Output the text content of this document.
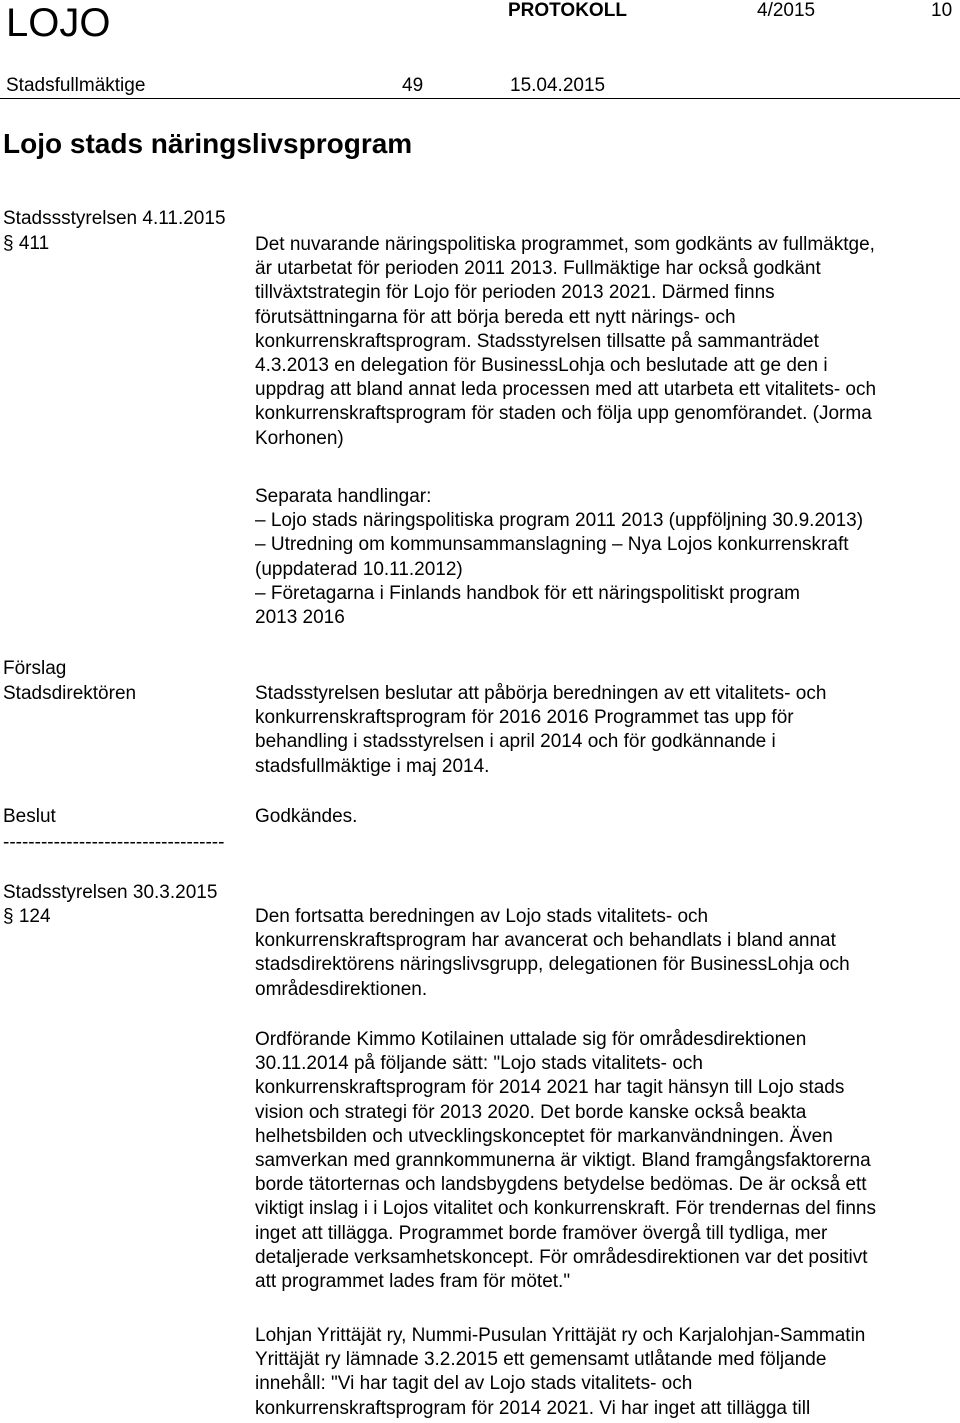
LOJO	PROTOKOLL	4/2015	10
Stadsfullmäktige	49	15.04.2015
Lojo stads näringslivsprogram
Stadssstyrelsen 4.11.2015
§ 411	Det nuvarande näringspolitiska programmet, som godkänts av fullmäktge,

är utarbetat för perioden 2011 2013. Fullmäktige har också godkänt

tillväxtstrategin för Lojo för perioden 2013 2021. Därmed finns

förutsättningarna för att börja bereda ett nytt närings- och

konkurrenskraftsprogram. Stadsstyrelsen tillsatte på sammanträdet

4.3.2013 en delegation för BusinessLohja och beslutade att ge den i

uppdrag att bland annat leda processen med att utarbeta ett vitalitets- och

konkurrenskraftsprogram för staden och följa upp genomförandet. (Jorma

Korhonen)

Separata handlingar:

– Lojo stads näringspolitiska program 2011 2013 (uppföljning 30.9.2013)

– Utredning om kommunsammanslagning – Nya Lojos konkurrenskraft

(uppdaterad 10.11.2012)

– Företagarna i Finlands handbok för ett näringspolitiskt program

2013 2016

Förslag
Stadsdirektören	Stadsstyrelsen beslutar att påbörja beredningen av ett vitalitets- och

konkurrenskraftsprogram för 2016 2016 Programmet tas upp för

behandling i stadsstyrelsen i april 2014 och för godkännande i

stadsfullmäktige i maj 2014.

Beslut	Godkändes.
-----------------------------------
Stadsstyrelsen 30.3.2015
§ 124	Den fortsatta beredningen av Lojo stads vitalitets- och

konkurrenskraftsprogram har avancerat och behandlats i bland annat

stadsdirektörens näringslivsgrupp, delegationen för BusinessLohja och

områdesdirektionen.

Ordförande Kimmo Kotilainen uttalade sig för områdesdirektionen

30.11.2014 på följande sätt: "Lojo stads vitalitets- och

konkurrenskraftsprogram för 2014 2021 har tagit hänsyn till Lojo stads

vision och strategi för 2013 2020. Det borde kanske också beakta

helhetsbilden och utvecklingskonceptet för markanvändningen. Även

samverkan med grannkommunerna är viktigt. Bland framgångsfaktorerna

borde tätorternas och landsbygdens betydelse bedömas. De är också ett

viktigt inslag i i Lojos vitalitet och konkurrenskraft. För trendernas del finns

inget att tillägga. Programmet borde framöver övergå till tydliga, mer

detaljerade verksamhetskoncept. För områdesdirektionen var det positivt

att programmet lades fram för mötet."

Lohjan Yrittäjät ry, Nummi-Pusulan Yrittäjät ry och Karjalohjan-Sammatin

Yrittäjät ry lämnade 3.2.2015 ett gemensamt utlåtande med följande

innehåll: "Vi har tagit del av Lojo stads vitalitets- och

konkurrenskraftsprogram för 2014 2021. Vi har inget att tillägga till
